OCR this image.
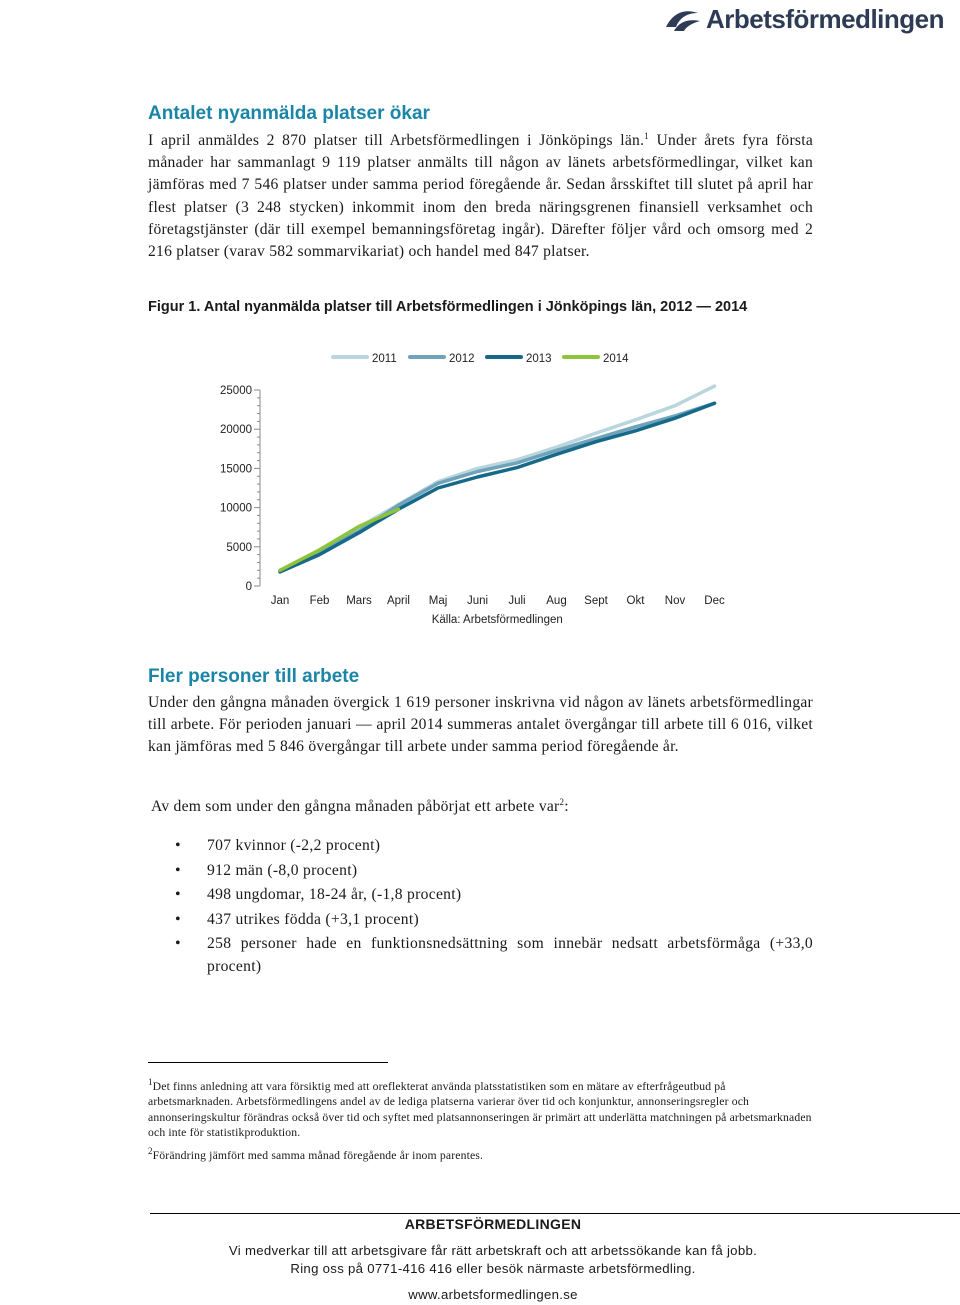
Arbetsförmedlingen
Antalet nyanmälda platser ökar

I april anmäldes 2 870 platser till Arbetsförmedlingen i Jönköpings län.$^1$ Under årets fyra första månader har sammanlagt 9 119 platser anmälts till någon av länets arbetsförmedlingar, vilket kan jämföras med 7 546 platser under samma period föregående år. Sedan årsskiftet till slutet på april har flest platser (3 248 stycken) inkommit inom den breda näringsgrenen finansiell verksamhet och företagstjänster (där till exempel bemanningsföretag ingår). Därefter följer vård och omsorg med 2 216 platser (varav 582 sommarvikariat) och handel med 847 platser.

Figur 1. Antal nyanmälda platser till Arbetsförmedlingen i Jönköpings län, 2012 — 2014

0
5000
10000
15000
20000
25000
Jan Feb Mars April Maj Juni Juli Aug Sept Okt Nov Dec
Källa: Arbetsförmedlingen
2011	2012	2013	2014
Fler personer till arbete

Under den gångna månaden övergick 1 619 personer inskrivna vid någon av länets arbetsförmedlingar till arbete. För perioden januari — april 2014 summeras antalet övergångar till arbete till 6 016, vilket kan jämföras med 5 846 övergångar till arbete under samma period föregående år.

Av dem som under den gångna månaden påbörjat ett arbete var$^2$:

• 707 kvinnor (-2,2 procent)
• 912 män (-8,0 procent)
• 498 ungdomar, 18-24 år, (-1,8 procent)
• 437 utrikes födda (+3,1 procent)
• 258 personer hade en funktionsnedsättning som innebär nedsatt arbetsförmåga (+33,0 procent)

$^1$Det finns anledning att vara försiktig med att oreflekterat använda platsstatistiken som en mätare av efterfrågeutbud på arbetsmarknaden. Arbetsförmedlingens andel av de lediga platserna varierar över tid och konjunktur, annonseringsregler och annonseringskultur förändras också över tid och syftet med platsannonseringen är primärt att underlätta matchningen på arbetsmarknaden och inte för statistikproduktion.

$^2$Förändring jämfört med samma månad föregående år inom parentes.

ARBETSFÖRMEDLINGEN

Vi medverkar till att arbetsgivare får rätt arbetskraft och att arbetssökande kan få jobb.

Ring oss på 0771-416 416 eller besök närmaste arbetsförmedling.

www.arbetsformedlingen.se
